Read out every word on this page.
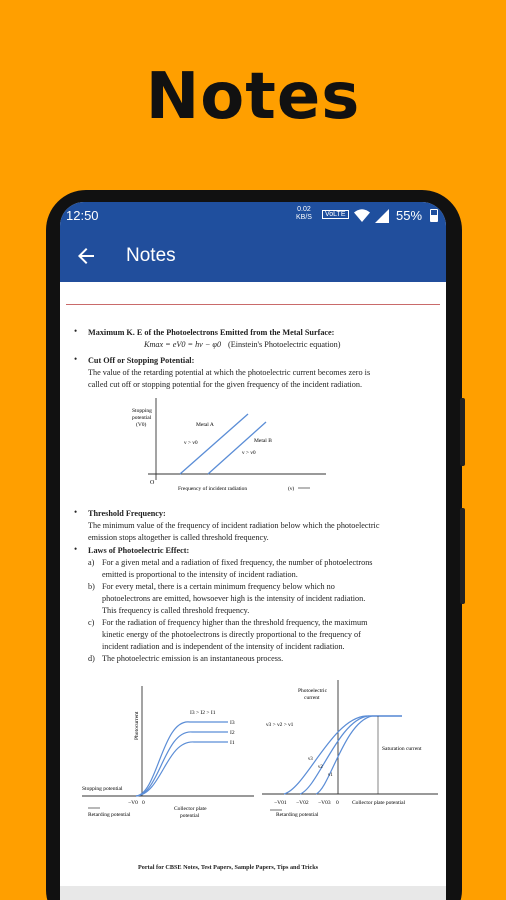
Notes
12:50	0.02
KB/S	VoLTE	55%
Notes
• Maximum K. E of the Photoelectrons Emitted from the Metal Surface:
Kmax = eV0 = hv − φ0 (Einstein's Photoelectric equation)
• Cut Off or Stopping Potential:
The value of the retarding potential at which the photoelectric current becomes zero is
called cut off or stopping potential for the given frequency of the incident radiation.
Stopping
potential
(V0)	Metal A
Metal B
ν > ν0
ν > ν0
O
Frequency of incident radiation	(ν)
• Threshold Frequency:
The minimum value of the frequency of incident radiation below which the photoelectric
emission stops altogether is called threshold frequency.
• Laws of Photoelectric Effect:
a) For a given metal and a radiation of fixed frequency, the number of photoelectrons
emitted is proportional to the intensity of incident radiation.
b) For every metal, there is a certain minimum frequency below which no
photoelectrons are emitted, howsoever high is the intensity of incident radiation.
This frequency is called threshold frequency.
c) For the radiation of frequency higher than the threshold frequency, the maximum
kinetic energy of the photoelectrons is directly proportional to the frequency of
incident radiation and is independent of the intensity of incident radiation.
d) The photoelectric emission is an instantaneous process.
Photocurrent	I3 > I2 > I1
I3
I2
I1
Stopping potential
−V0 0
Retarding potential
Collector plate
potential
Photoelectric
current
ν3 > ν2 > ν1
Saturation current
ν3
ν2
ν1
−V01 −V02 −V03 0 Collector plate potential
Retarding potential
Portal for CBSE Notes, Test Papers, Sample Papers, Tips and Tricks
